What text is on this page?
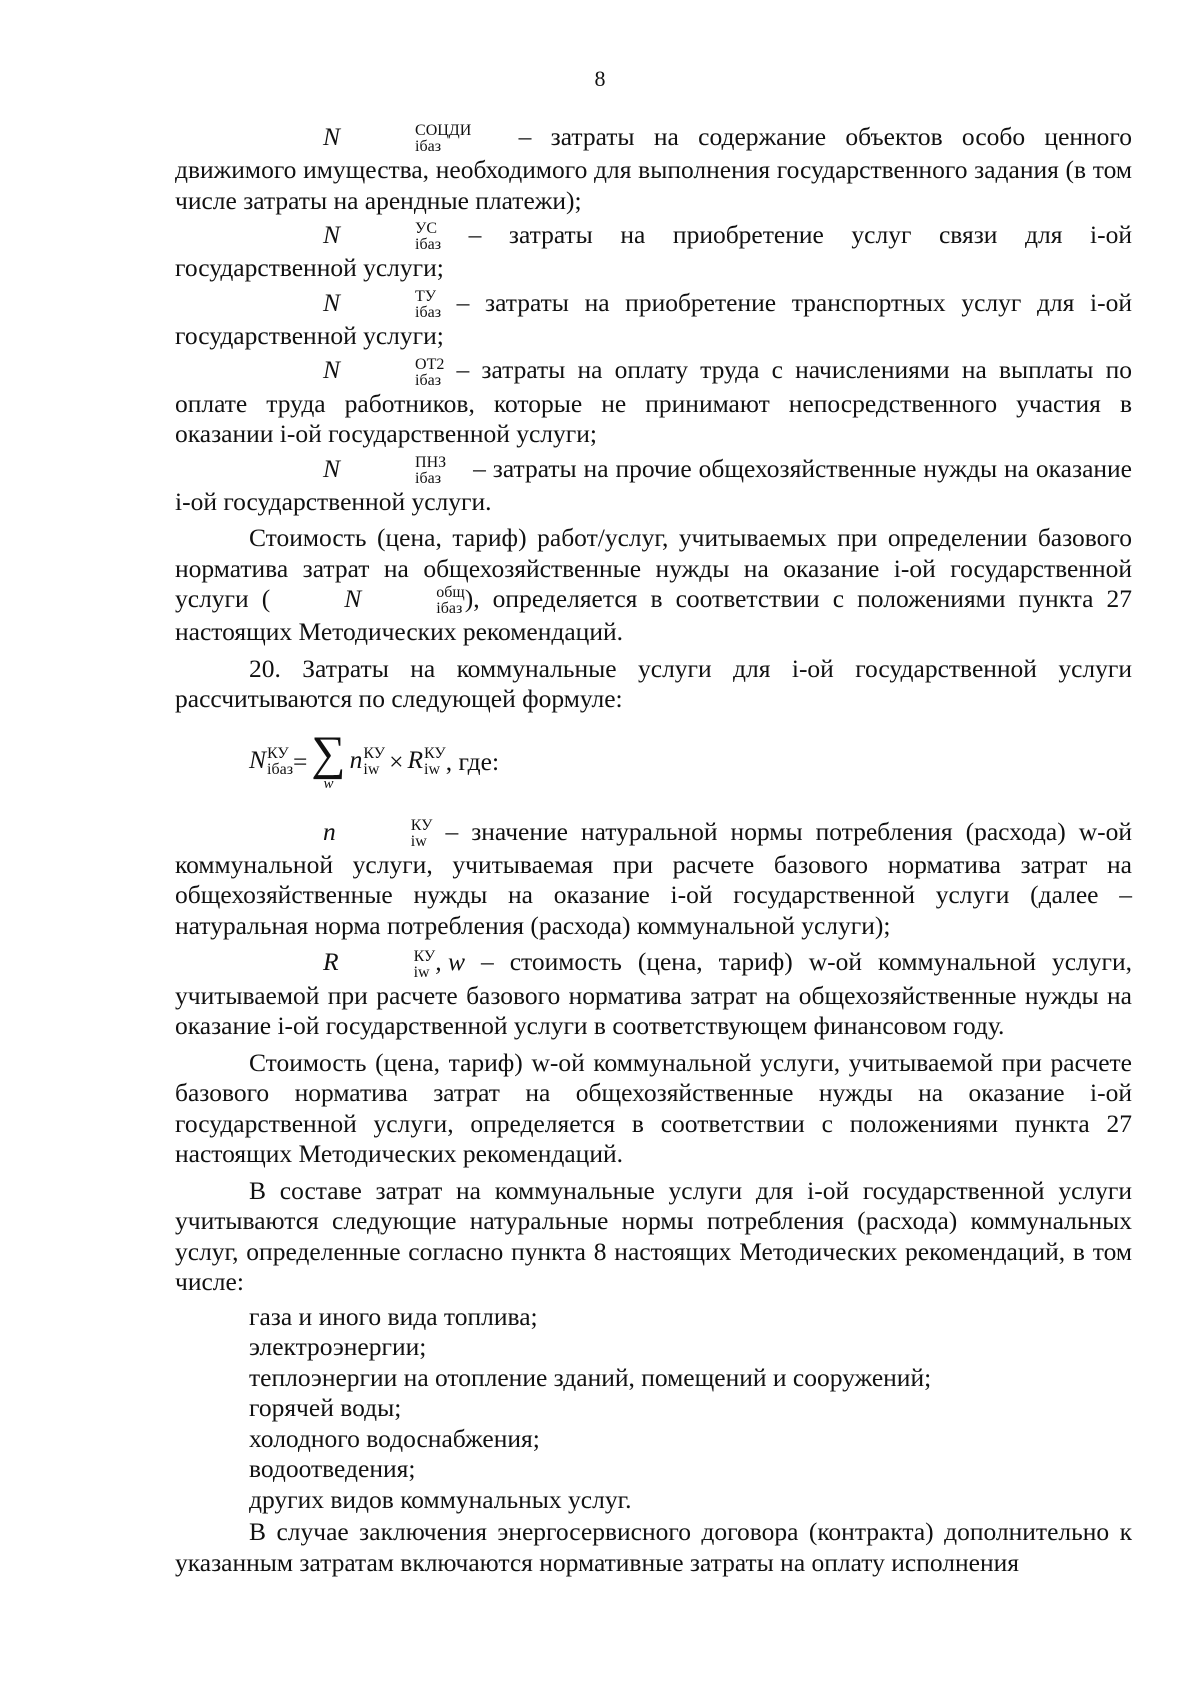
8

N	СОЦДИ
iбаз	– затраты на содержание объектов особо ценного движимого имущества, необходимого для выполнения государственного задания (в том числе затраты на арендные платежи);

N	УС
iбаз – затраты на приобретение услуг связи для i-ой государственной услуги;

N	ТУ
iбаз – затраты на приобретение транспортных услуг для i-ой государственной услуги;

N	ОТ2
iбаз – затраты на оплату труда с начислениями на выплаты по оплате труда работников, которые не принимают непосредственного участия в оказании i-ой государственной услуги;

N	ПНЗ
iбаз – затраты на прочие общехозяйственные нужды на оказание i-ой государственной услуги.

Стоимость (цена, тариф) работ/услуг, учитываемых при определении базового норматива затрат на общехозяйственные нужды на оказание i-ой государственной услуги (	N	общ
iбаз ), определяется в соответствии с положениями пункта 27 настоящих Методических рекомендаций.

20. Затраты на коммунальные услуги для i-ой государственной услуги рассчитываются по следующей формуле:

N КУ
iбаз = ∑
w
n КУ
iw × R КУ
iw , где:

n	КУ
iw – значение натуральной нормы потребления (расхода) w-ой коммунальной услуги, учитываемая при расчете базового норматива затрат на общехозяйственные нужды на оказание i-ой государственной услуги (далее – натуральная норма потребления (расхода) коммунальной услуги);

R	КУ
iw , w – стоимость (цена, тариф) w-ой коммунальной услуги, учитываемой при расчете базового норматива затрат на общехозяйственные нужды на оказание i-ой государственной услуги в соответствующем финансовом году.

Стоимость (цена, тариф) w-ой коммунальной услуги, учитываемой при расчете базового норматива затрат на общехозяйственные нужды на оказание i-ой государственной услуги, определяется в соответствии с положениями пункта 27 настоящих Методических рекомендаций.

В составе затрат на коммунальные услуги для i-ой государственной услуги учитываются следующие натуральные нормы потребления (расхода) коммунальных услуг, определенные согласно пункта 8 настоящих Методических рекомендаций, в том числе:

газа и иного вида топлива;

электроэнергии;

теплоэнергии на отопление зданий, помещений и сооружений;

горячей воды;

холодного водоснабжения;

водоотведения;

других видов коммунальных услуг.

В случае заключения энергосервисного договора (контракта) дополнительно к указанным затратам включаются нормативные затраты на оплату исполнения
